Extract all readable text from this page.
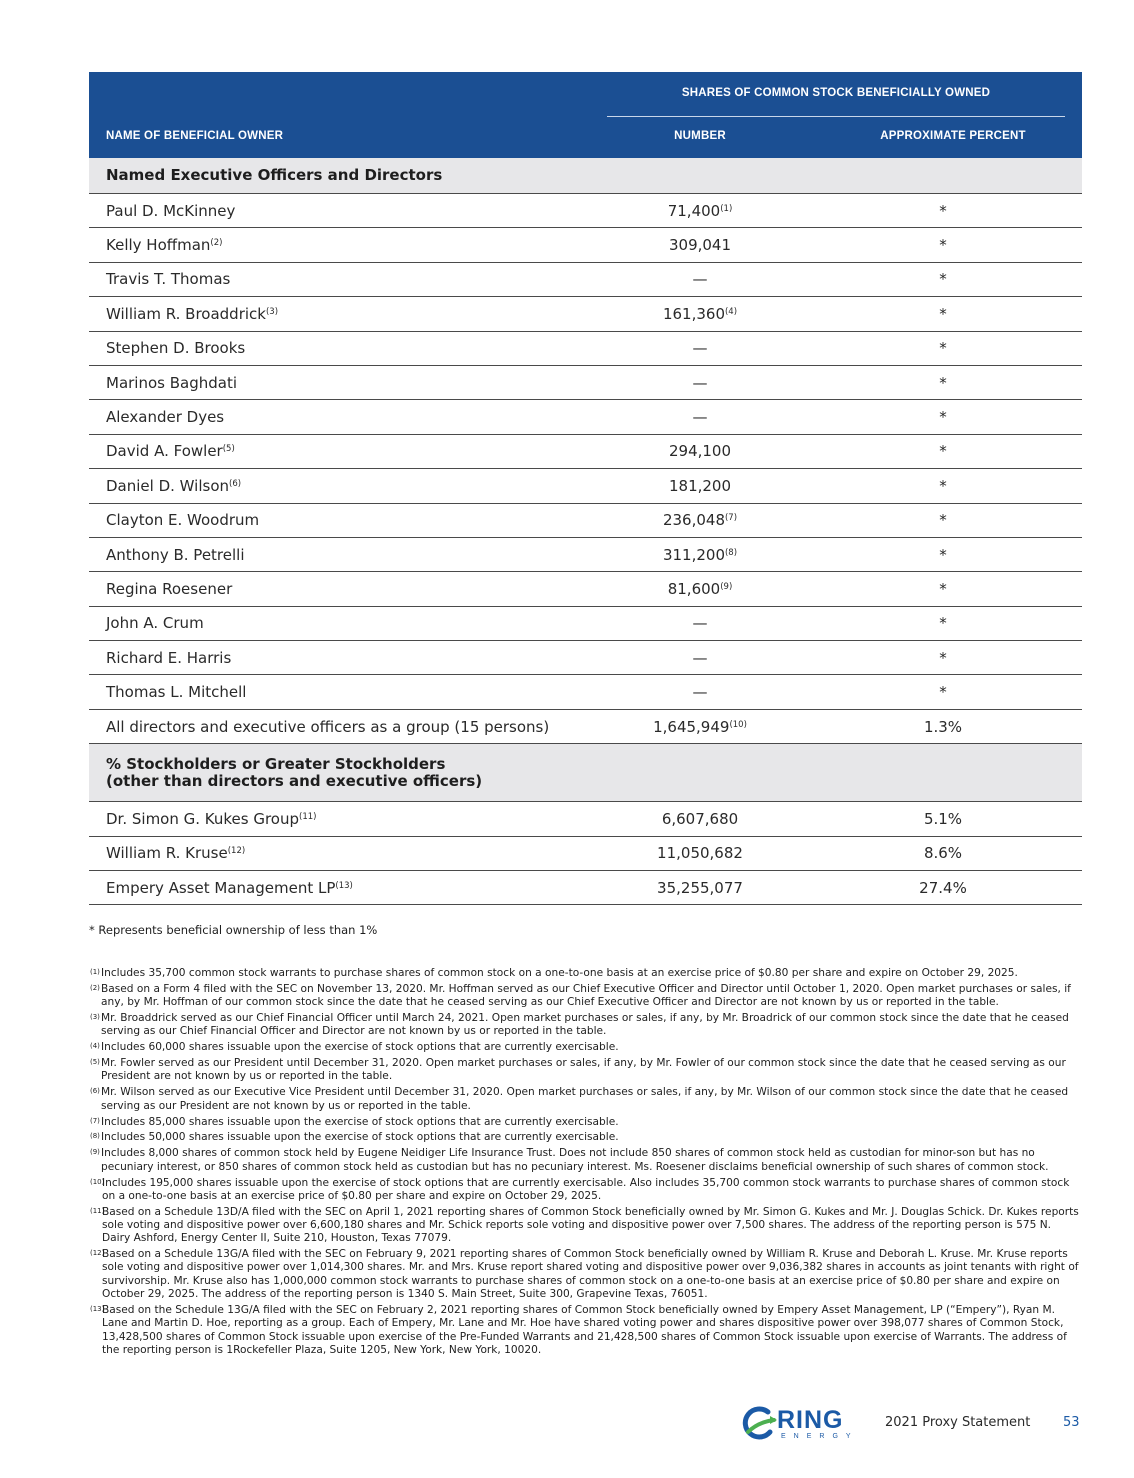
SHARES OF COMMON STOCK BENEFICIALLY OWNED
NAME OF BENEFICIAL OWNER	NUMBER	APPROXIMATE PERCENT
Named Executive Officers and Directors
Paul D. McKinney	71,400$^{(1)}$	*
Kelly Hoffman$^{(2)}$	309,041	*
Travis T. Thomas	—	*
William R. Broaddrick$^{(3)}$	161,360$^{(4)}$	*
Stephen D. Brooks	—	*
Marinos Baghdati	—	*
Alexander Dyes	—	*
David A. Fowler$^{(5)}$	294,100	*
Daniel D. Wilson$^{(6)}$	181,200	*
Clayton E. Woodrum	236,048$^{(7)}$	*
Anthony B. Petrelli	311,200$^{(8)}$	*
Regina Roesener	81,600$^{(9)}$	*
John A. Crum	—	*
Richard E. Harris	—	*
Thomas L. Mitchell	—	*
All directors and executive officers as a group (15 persons)	1,645,949$^{(10)}$	1.3%
% Stockholders or Greater Stockholders
(other than directors and executive officers)
Dr. Simon G. Kukes Group$^{(11)}$	6,607,680	5.1%
William R. Kruse$^{(12)}$	11,050,682	8.6%
Empery Asset Management LP$^{(13)}$	35,255,077	27.4%
* Represents beneficial ownership of less than 1%
(1) Includes 35,700 common stock warrants to purchase shares of common stock on a one-to-one basis at an exercise price of $0.80 per share and expire on October 29, 2025.
(2) Based on a Form 4 filed with the SEC on November 13, 2020. Mr. Hoffman served as our Chief Executive Officer and Director until October 1, 2020. Open market purchases or sales, if any, by Mr. Hoffman of our common stock since the date that he ceased serving as our Chief Executive Officer and Director are not known by us or reported in the table.
(3) Mr. Broaddrick served as our Chief Financial Officer until March 24, 2021. Open market purchases or sales, if any, by Mr. Broadrick of our common stock since the date that he ceased serving as our Chief Financial Officer and Director are not known by us or reported in the table.
(4) Includes 60,000 shares issuable upon the exercise of stock options that are currently exercisable.
(5) Mr. Fowler served as our President until December 31, 2020. Open market purchases or sales, if any, by Mr. Fowler of our common stock since the date that he ceased serving as our President are not known by us or reported in the table.
(6) Mr. Wilson served as our Executive Vice President until December 31, 2020. Open market purchases or sales, if any, by Mr. Wilson of our common stock since the date that he ceased serving as our President are not known by us or reported in the table.
(7) Includes 85,000 shares issuable upon the exercise of stock options that are currently exercisable.
(8) Includes 50,000 shares issuable upon the exercise of stock options that are currently exercisable.
(9) Includes 8,000 shares of common stock held by Eugene Neidiger Life Insurance Trust. Does not include 850 shares of common stock held as custodian for minor-son but has no pecuniary interest, or 850 shares of common stock held as custodian but has no pecuniary interest. Ms. Roesener disclaims beneficial ownership of such shares of common stock.
(10)
Includes 195,000 shares issuable upon the exercise of stock options that are currently exercisable. Also includes 35,700 common stock warrants to purchase shares of common stock on a one-to-one basis at an exercise price of $0.80 per share and expire on October 29, 2025.
(11)
Based on a Schedule 13D/A filed with the SEC on April 1, 2021 reporting shares of Common Stock beneficially owned by Mr. Simon G. Kukes and Mr. J. Douglas Schick. Dr. Kukes reports sole voting and dispositive power over 6,600,180 shares and Mr. Schick reports sole voting and dispositive power over 7,500 shares. The address of the reporting person is 575 N. Dairy Ashford, Energy Center II, Suite 210, Houston, Texas 77079.
(12)
Based on a Schedule 13G/A filed with the SEC on February 9, 2021 reporting shares of Common Stock beneficially owned by William R. Kruse and Deborah L. Kruse. Mr. Kruse reports sole voting and dispositive power over 1,014,300 shares. Mr. and Mrs. Kruse report shared voting and dispositive power over 9,036,382 shares in accounts as joint tenants with right of survivorship. Mr. Kruse also has 1,000,000 common stock warrants to purchase shares of common stock on a one-to-one basis at an exercise price of $0.80 per share and expire on October 29, 2025. The address of the reporting person is 1340 S. Main Street, Suite 300, Grapevine Texas, 76051.
(13)
Based on the Schedule 13G/A filed with the SEC on February 2, 2021 reporting shares of Common Stock beneficially owned by Empery Asset Management, LP (“Empery”), Ryan M. Lane and Martin D. Hoe, reporting as a group. Each of Empery, Mr. Lane and Mr. Hoe have shared voting power and shares dispositive power over 398,077 shares of Common Stock, 13,428,500 shares of Common Stock issuable upon exercise of the Pre-Funded Warrants and 21,428,500 shares of Common Stock issuable upon exercise of Warrants. The address of the reporting person is 1Rockefeller Plaza, Suite 1205, New York, New York, 10020.
RING
ENERGY
2021 Proxy Statement	53
